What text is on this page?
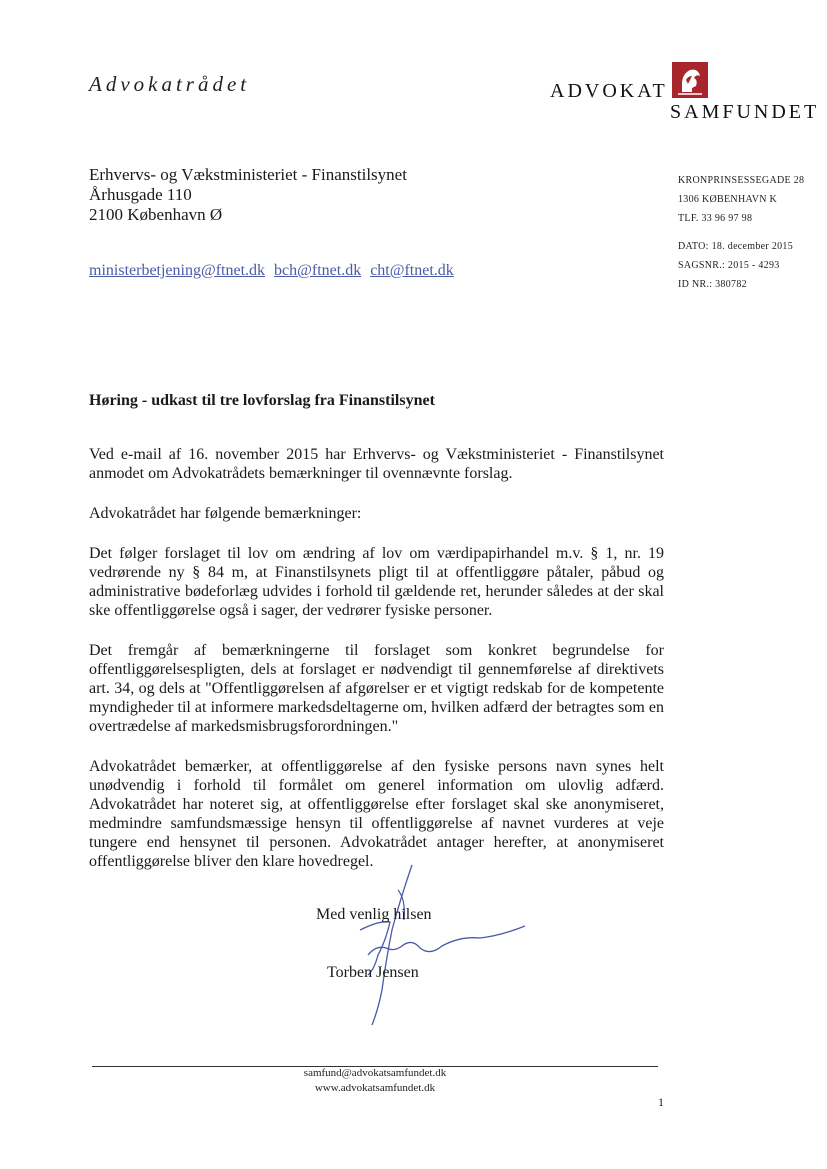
Advokatrådet	ADVOKAT
SAMFUNDET
Erhvervs- og Vækstministeriet - Finanstilsynet
Århusgade 110
2100 København Ø
ministerbetjening@ftnet.dk bch@ftnet.dk cht@ftnet.dk
KRONPRINSESSEGADE 28
1306 KØBENHAVN K
TLF. 33 96 97 98
DATO: 18. december 2015
SAGSNR.: 2015 - 4293
ID NR.: 380782
Høring - udkast til tre lovforslag fra Finanstilsynet

Ved e-mail af 16. november 2015 har Erhvervs- og Vækstministeriet - Finanstilsynet anmodet om Advokatrådets bemærkninger til ovennævnte forslag.

Advokatrådet har følgende bemærkninger:

Det følger forslaget til lov om ændring af lov om værdipapirhandel m.v. § 1, nr. 19 vedrørende ny § 84 m, at Finanstilsynets pligt til at offentliggøre påtaler, påbud og administrative bødeforlæg udvides i forhold til gældende ret, herunder således at der skal ske offentliggørelse også i sager, der vedrører fysiske personer.

Det fremgår af bemærkningerne til forslaget som konkret begrundelse for offentliggørelsespligten, dels at forslaget er nødvendigt til gennemførelse af direktivets art. 34, og dels at "Offentliggørelsen af afgørelser er et vigtigt redskab for de kompetente myndigheder til at informere markedsdeltagerne om, hvilken adfærd der betragtes som en overtrædelse af markedsmisbrugsforordningen."

Advokatrådet bemærker, at offentliggørelse af den fysiske persons navn synes helt unødvendig i forhold til formålet om generel information om ulovlig adfærd. Advokatrådet har noteret sig, at offentliggørelse efter forslaget skal ske anonymiseret, medmindre samfundsmæssige hensyn til offentliggørelse af navnet vurderes at veje tungere end hensynet til personen. Advokatrådet antager herefter, at anonymiseret offentliggørelse bliver den klare hovedregel.

Med venlig hilsen
Torben Jensen
samfund@advokatsamfundet.dk
www.advokatsamfundet.dk
1
